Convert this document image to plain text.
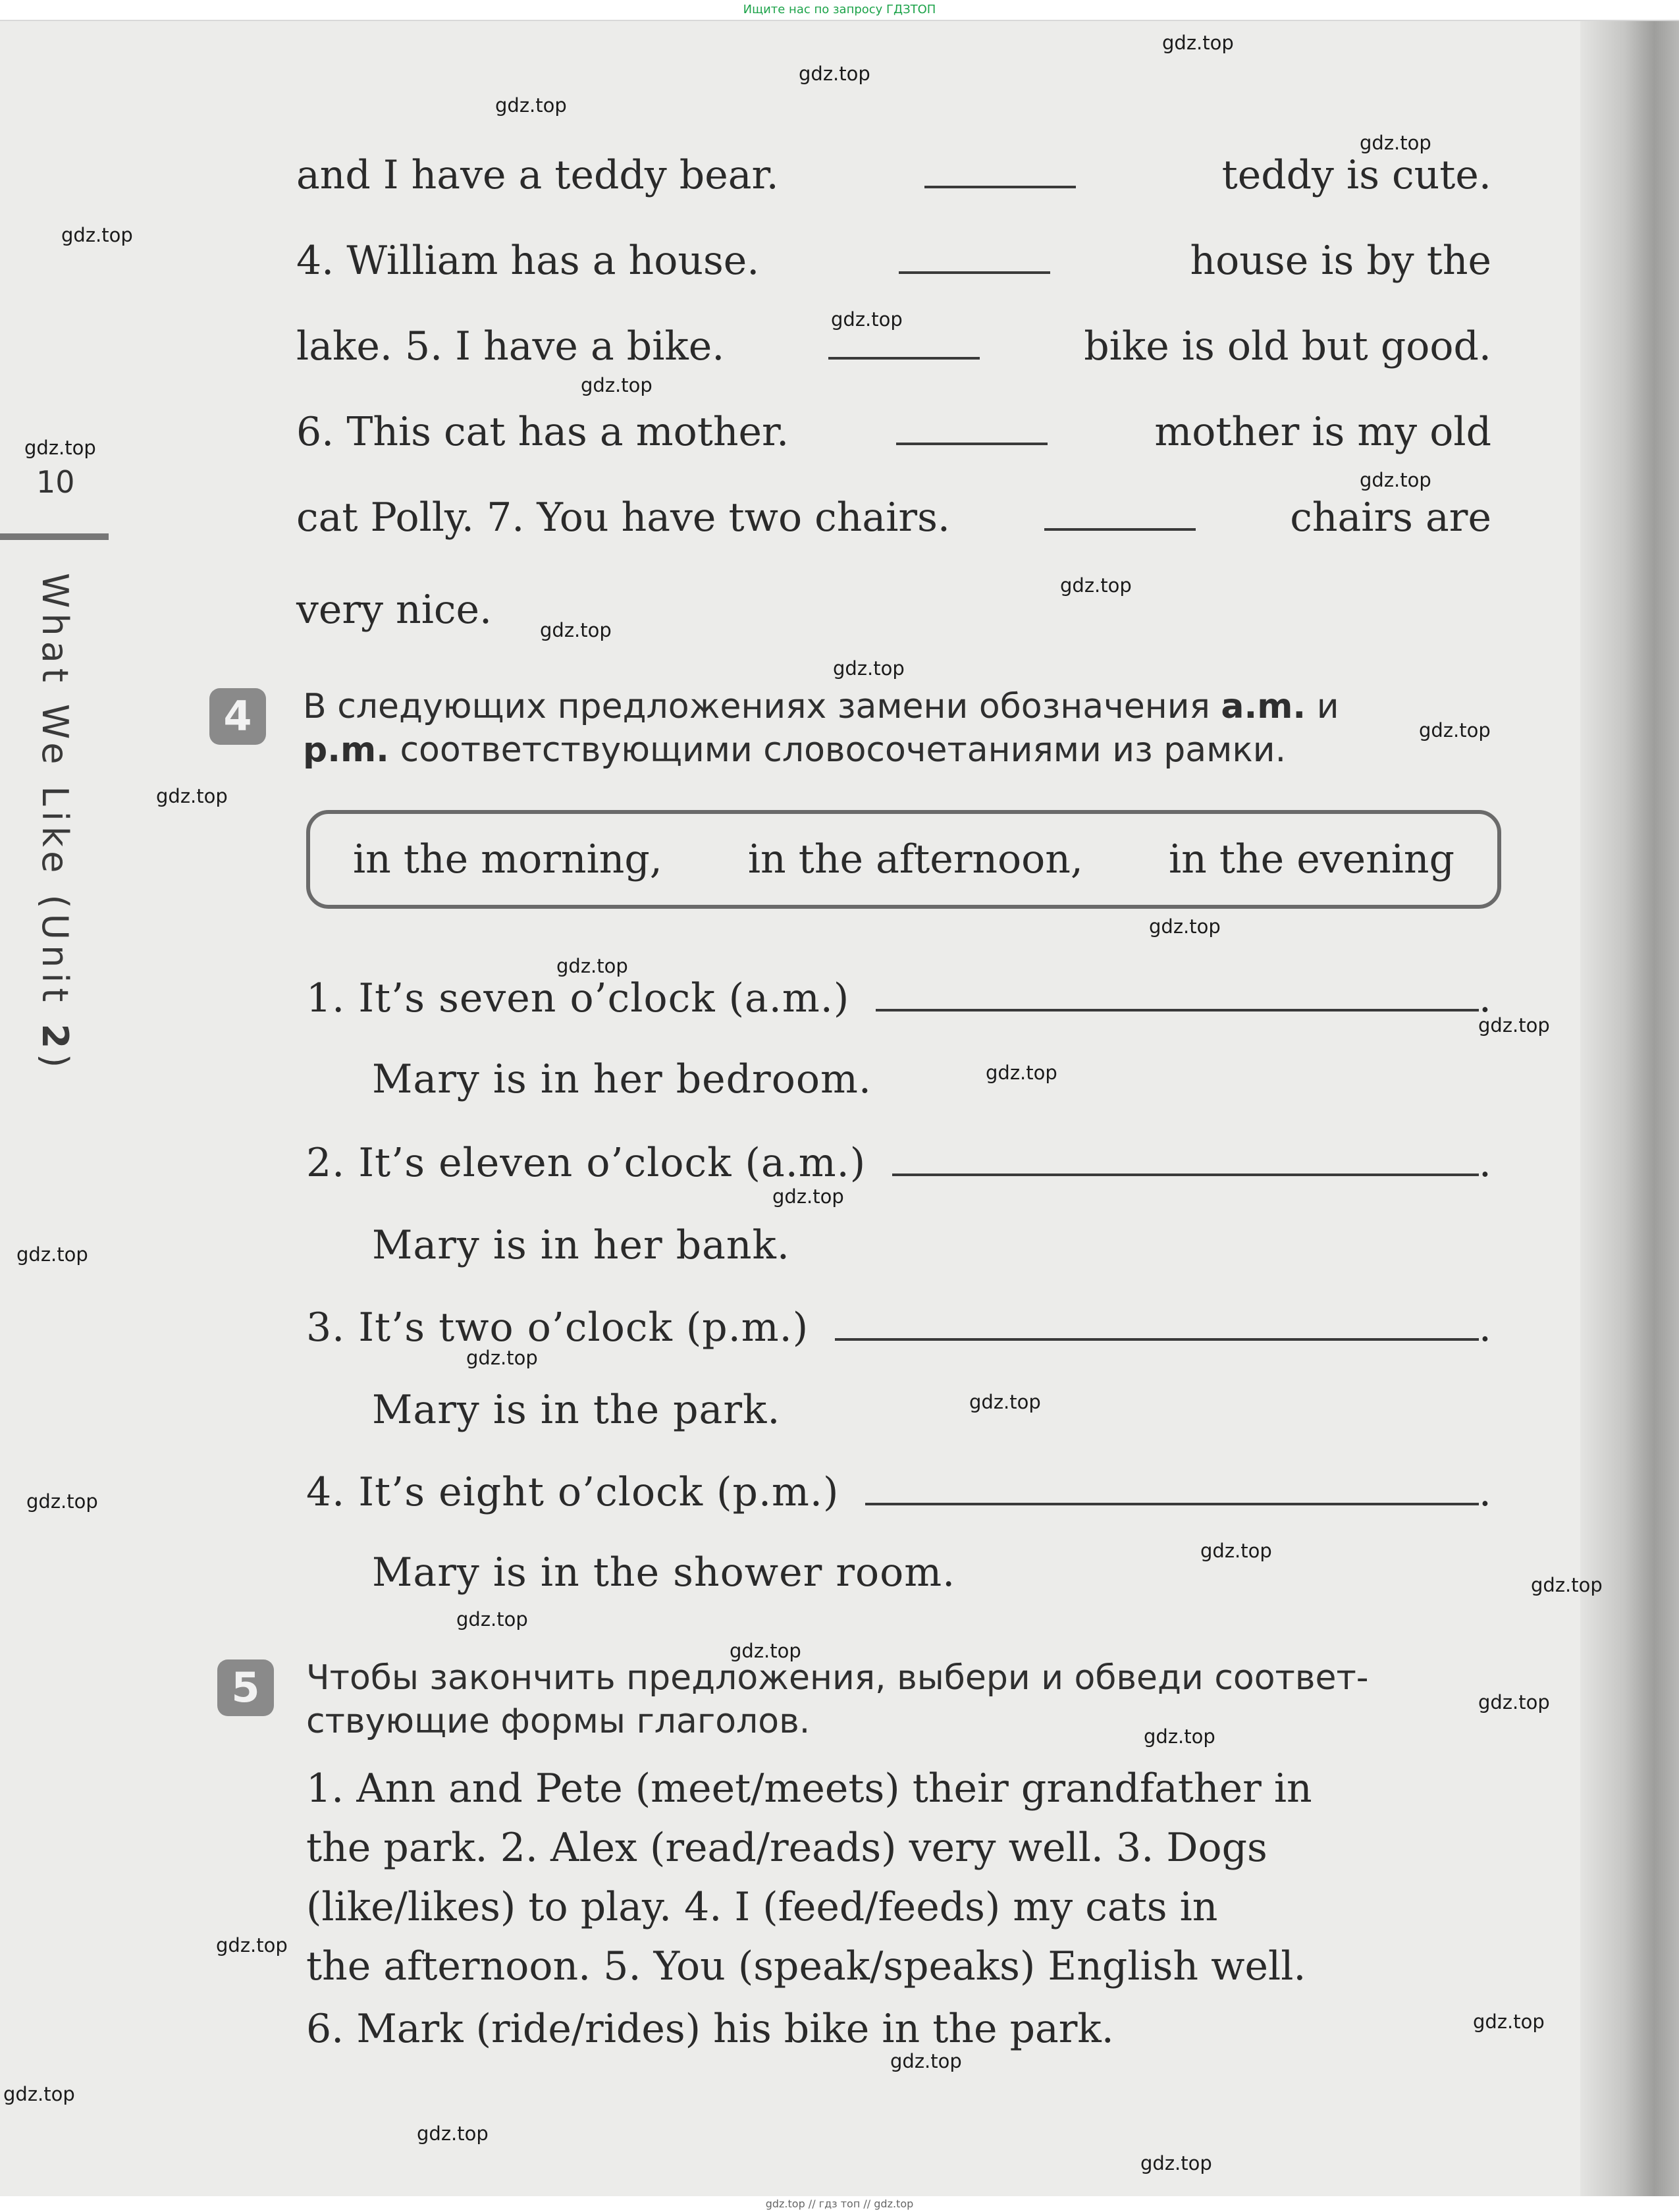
Ищите нас по запросу ГДЗТОП
10
What We Like (Unit 2)
and I have a teddy bear.	teddy is cute.
4. William has a house.	house is by the
lake. 5. I have a bike.	bike is old but good.
6. This cat has a mother.	mother is my old
cat Polly. 7. You have two chairs.	chairs are
very nice.
4	В следующих предложениях замени обозначения a.m. и
p.m. соответствующими словосочетаниями из рамки.
in the morning, in the afternoon, in the evening
1. It’s seven o’clock (a.m.)	.
Mary is in her bedroom.
2. It’s eleven o’clock (a.m.)	.
Mary is in her bank.
3. It’s two o’clock (p.m.)	.
Mary is in the park.
4. It’s eight o’clock (p.m.)	.
Mary is in the shower room.
5	Чтобы закончить предложения, выбери и обведи соответ-
ствующие формы глаголов.
1. Ann and Pete (meet/meets) their grandfather in
the park. 2. Alex (read/reads) very well. 3. Dogs
(like/likes) to play. 4. I (feed/feeds) my cats in
the afternoon. 5. You (speak/speaks) English well.
6. Mark (ride/rides) his bike in the park.
gdz.top
gdz.top
gdz.top
gdz.top
gdz.top
gdz.top
gdz.top
gdz.top
gdz.top
gdz.top
gdz.top
gdz.top
gdz.top
gdz.top
gdz.top
gdz.top
gdz.top
gdz.top
gdz.top
gdz.top
gdz.top
gdz.top
gdz.top
gdz.top
gdz.top
gdz.top
gdz.top
gdz.top
gdz.top
gdz.top
gdz.top
gdz.top
gdz.top
gdz.top
gdz.top
gdz.top // гдз топ // gdz.top
